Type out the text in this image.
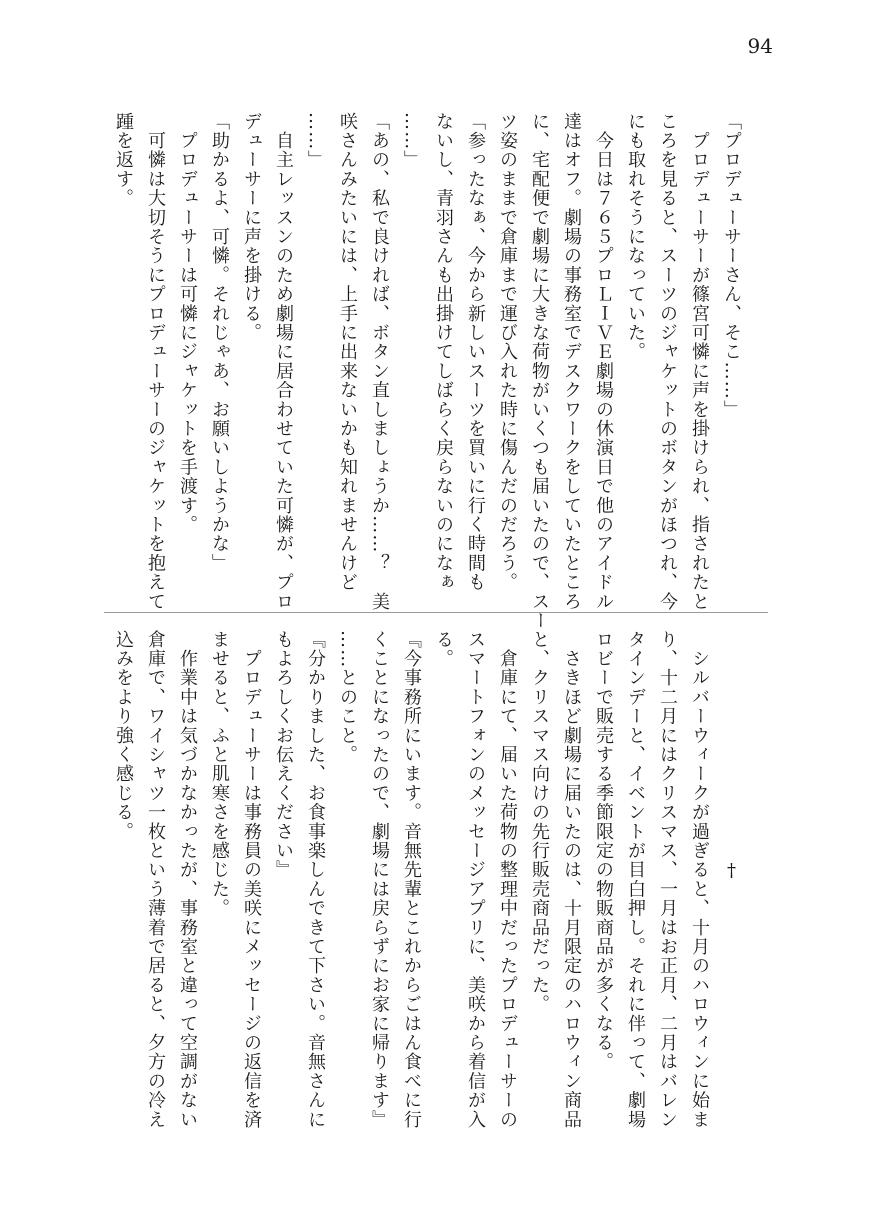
94
「プロデューサーさん、そこ……」
　プロデューサーが篠宮可憐に声を掛けられ、指されたと
ころを見ると、スーツのジャケットのボタンがほつれ、今
にも取れそうになっていた。
　今日は７６５プロＬＩＶＥ劇場の休演日で他のアイドル
達はオフ。劇場の事務室でデスクワークをしていたところ
に、宅配便で劇場に大きな荷物がいくつも届いたので、スー
ツ姿のままで倉庫まで運び入れた時に傷んだのだろう。
「参ったなぁ、今から新しいスーツを買いに行く時間も
ないし、青羽さんも出掛けてしばらく戻らないのになぁ
……」
「あの、私で良ければ、ボタン直しましょうか……？　美
咲さんみたいには、上手に出来ないかも知れませんけど
……」
　自主レッスンのため劇場に居合わせていた可憐が、プロ
デューサーに声を掛ける。
「助かるよ、可憐。それじゃあ、お願いしようかな」
　プロデューサーは可憐にジャケットを手渡す。
　可憐は大切そうにプロデューサーのジャケットを抱えて
踵を返す。
†
　シルバーウィークが過ぎると、十月のハロウィンに始ま
り、十二月にはクリスマス、一月はお正月、二月はバレン
タインデーと、イベントが目白押し。それに伴って、劇場
ロビーで販売する季節限定の物販商品が多くなる。
　さきほど劇場に届いたのは、十月限定のハロウィン商品
と、クリスマス向けの先行販売商品だった。
　倉庫にて、届いた荷物の整理中だったプロデューサーの
スマートフォンのメッセージアプリに、美咲から着信が入
る。
『今事務所にいます。音無先輩とこれからごはん食べに行
くことになったので、劇場には戻らずにお家に帰ります』
……とのこと。
『分かりました、お食事楽しんできて下さい。音無さんに
もよろしくお伝えください』
　プロデューサーは事務員の美咲にメッセージの返信を済
ませると、ふと肌寒さを感じた。
　作業中は気づかなかったが、事務室と違って空調がない
倉庫で、ワイシャツ一枚という薄着で居ると、夕方の冷え
込みをより強く感じる。
